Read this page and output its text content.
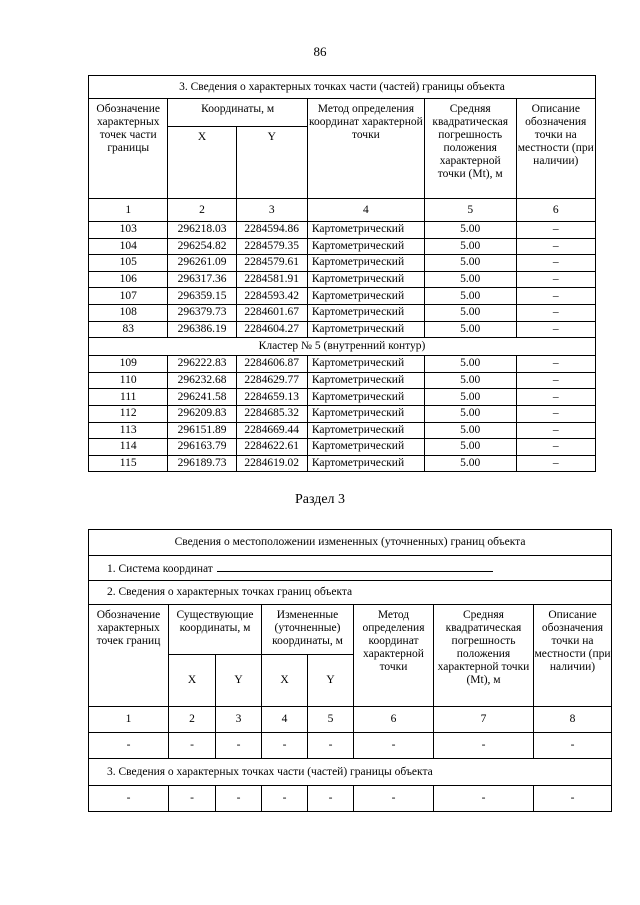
86
3. Сведения о характерных точках части (частей) границы объекта					
Обозначение характерных точек части границы	Координаты, м		Метод определения координат характерной точки	Средняя квадратическая погрешность положения характерной точки (Mt), м	Описание обозначения точки на местности (при наличии)
	X	Y			
1	2	3	4	5	6
103	296218.03	2284594.86	Картометрический	5.00	–
104	296254.82	2284579.35	Картометрический	5.00	–
105	296261.09	2284579.61	Картометрический	5.00	–
106	296317.36	2284581.91	Картометрический	5.00	–
107	296359.15	2284593.42	Картометрический	5.00	–
108	296379.73	2284601.67	Картометрический	5.00	–
83	296386.19	2284604.27	Картометрический	5.00	–
Кластер № 5 (внутренний контур)					
109	296222.83	2284606.87	Картометрический	5.00	–
110	296232.68	2284629.77	Картометрический	5.00	–
111	296241.58	2284659.13	Картометрический	5.00	–
112	296209.83	2284685.32	Картометрический	5.00	–
113	296151.89	2284669.44	Картометрический	5.00	–
114	296163.79	2284622.61	Картометрический	5.00	–
115	296189.73	2284619.02	Картометрический	5.00	–
Раздел 3
Сведения о местоположении измененных (уточненных) границ объекта							
1. Система координат							
2. Сведения о характерных точках границ объекта							
Обозначение характерных точек границ	Существующие координаты, м		Измененные (уточненные) координаты, м		Метод определения координат характерной точки	Средняя квадратическая погрешность положения характерной точки (Mt), м	Описание обозначения точки на местности (при наличии)
	X	Y	X	Y			
1	2	3	4	5	6	7	8
-	-	-	-	-	-	-	-
3. Сведения о характерных точках части (частей) границы объекта							
-	-	-	-	-	-	-	-
